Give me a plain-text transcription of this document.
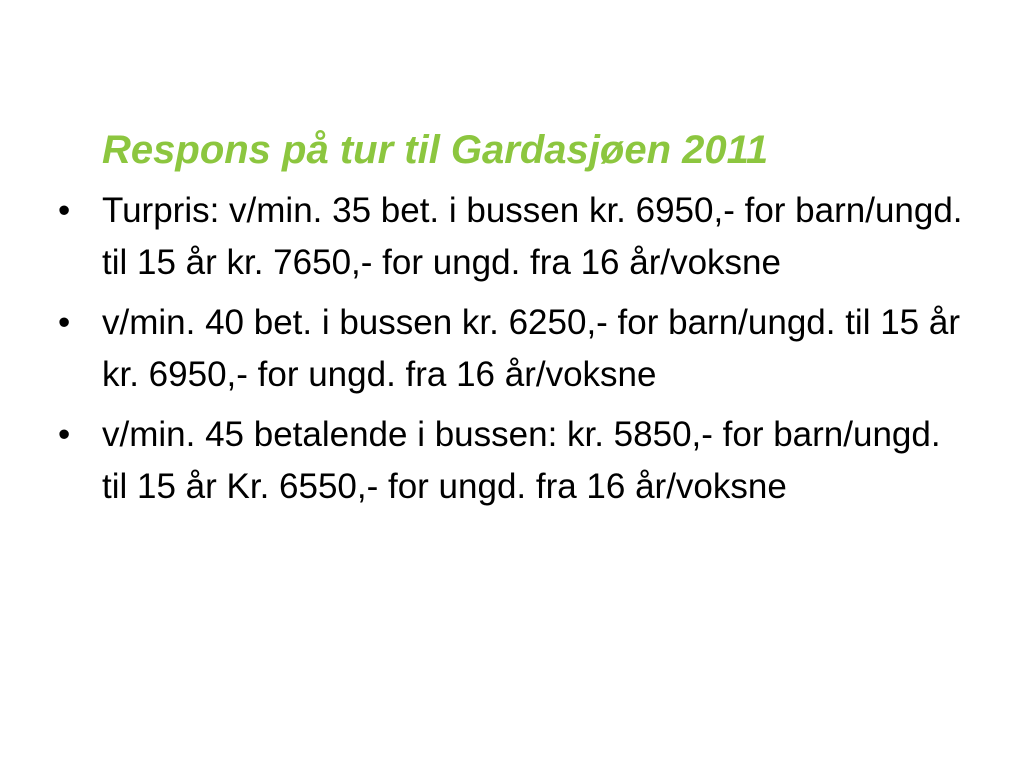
Respons på tur til Gardasjøen 2011
• Turpris: v/min. 35 bet. i bussen kr. 6950,- for barn/ungd. til 15 år kr. 7650,- for ungd. fra 16 år/voksne
• v/min. 40 bet. i bussen kr. 6250,- for barn/ungd. til 15 år kr. 6950,- for ungd. fra 16 år/voksne
• v/min. 45 betalende i bussen: kr. 5850,- for barn/ungd. til 15 år Kr. 6550,- for ungd. fra 16 år/voksne
